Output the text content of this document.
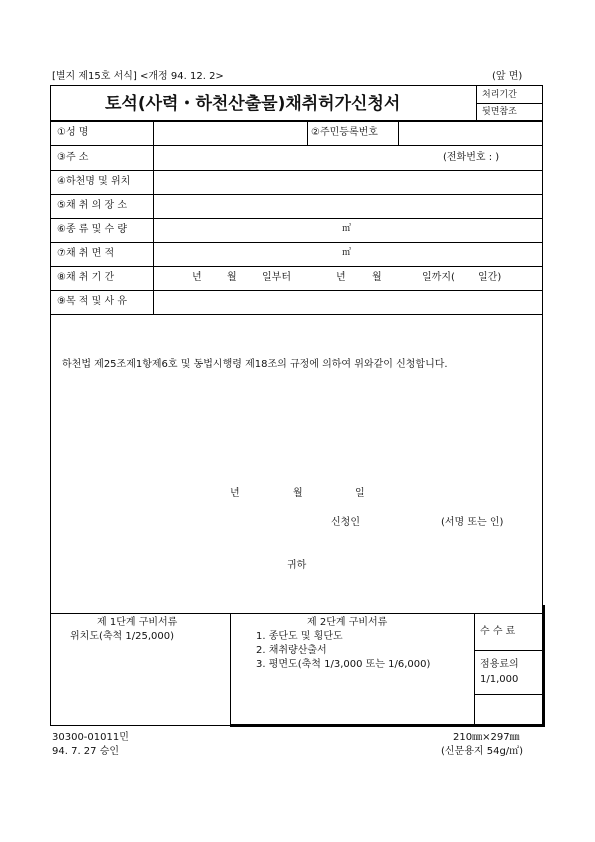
[별지 제15호 서식] <개정 94. 12. 2>	(앞 면)
토석(사력・하천산출물)채취허가신청서	처리기간
뒷면참조
①성 명	②주민등록번호
③주 소	(전화번호 : )
④하천명 및 위치
⑤채 취 의 장 소
⑥종 류 및 수 량	㎥
⑦채 취 면 적	㎥
⑧채 취 기 간	년	월	일부터	년	월	일까지( 일간)
⑨목 적 및 사 유
하천법 제25조제1항제6호 및 동법시행령 제18조의 규정에 의하여 위와같이 신청합니다.
년	월	일
신청인	(서명 또는 인)
귀하
제 1단계 구비서류
위치도(축척 1/25,000)
제 2단계 구비서류
1. 종단도 및 횡단도
2. 채취량산출서
3. 평면도(축척 1/3,000 또는 1/6,000)
수 수 료
점용료의
1/1,000
30300-01011민
94. 7. 27 승인
210㎜×297㎜
(신문용지 54g/㎡)
